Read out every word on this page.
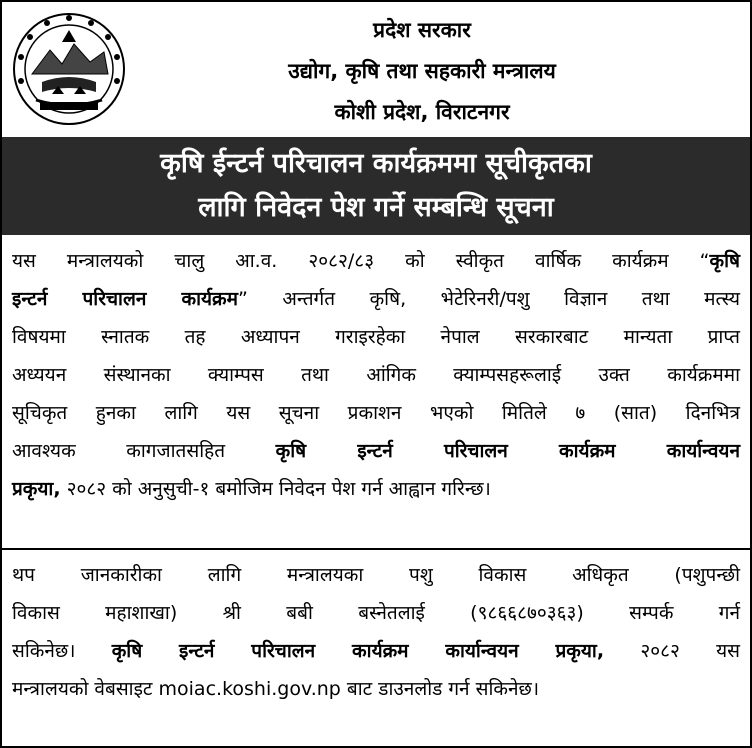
प्रदेश सरकार
उद्योग, कृषि तथा सहकारी मन्त्रालय
कोशी प्रदेश, विराटनगर
कृषि ईन्टर्न परिचालन कार्यक्रममा सूचीकृतका
लागि निवेदन पेश गर्ने सम्बन्धि सूचना
यस मन्त्रालयको चालु आ.व. २०८२/८३ को स्वीकृत वार्षिक कार्यक्रम “कृषि
इन्टर्न परिचालन कार्यक्रम” अन्तर्गत कृषि, भेटेरिनरी/पशु विज्ञान तथा मत्स्य
विषयमा स्नातक तह अध्यापन गराइरहेका नेपाल सरकारबाट मान्यता प्राप्त
अध्ययन संस्थानका क्याम्पस तथा आंगिक क्याम्पसहरूलाई उक्त कार्यक्रममा
सूचिकृत हुनका लागि यस सूचना प्रकाशन भएको मितिले ७ (सात) दिनभित्र
आवश्यक कागजातसहित कृषि इन्टर्न परिचालन कार्यक्रम कार्यान्वयन
प्रकृया, २०८२ को अनुसुची-१ बमोजिम निवेदन पेश गर्न आह्वान गरिन्छ।
थप जानकारीका लागि मन्त्रालयका पशु विकास अधिकृत (पशुपन्छी
विकास महाशाखा) श्री बबी बस्नेतलाई (९८६६८७०३६३) सम्पर्क गर्न
सकिनेछ। कृषि इन्टर्न परिचालन कार्यक्रम कार्यान्वयन प्रकृया, २०८२ यस
मन्त्रालयको वेबसाइट moiac.koshi.gov.np बाट डाउनलोड गर्न सकिनेछ।
